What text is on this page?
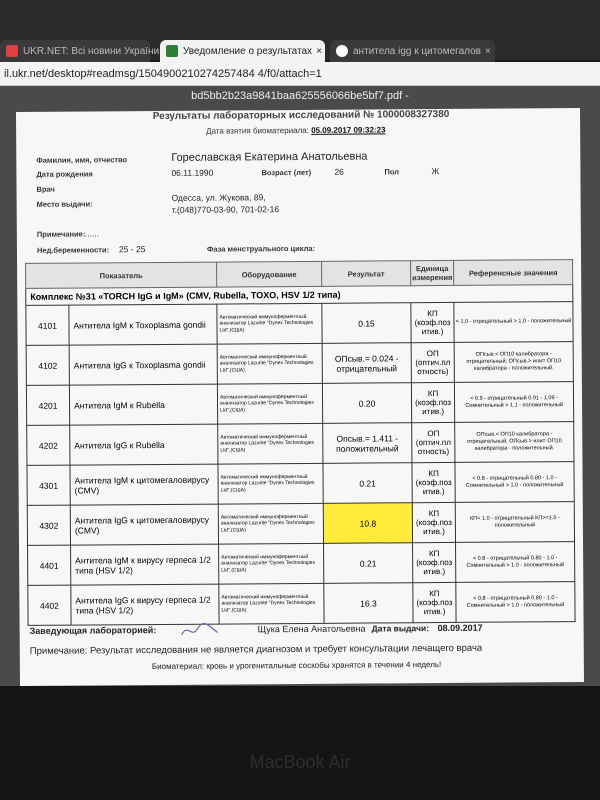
UKR.NET: Всі новини України Уведомление о результатах ×	антитела igg к цитомегалов ×
il.ukr.net/desktop#readmsg/1504900210274257484 4/f0/attach=1
bd5bb2b23a9841baa625556066be5bf7.pdf -
Результаты лабораторных исследований № 1000008327380
Дата взятия биоматериала: 05.09.2017 09:32:23
Фамилия, имя, отчество	Гореславская Екатерина Анатольевна
Дата рождения	06.11.1990	Возраст (лет)	26	Пол	Ж
Врач
Место выдачи:
Одесса, ул. Жукова, 89,
т.(048)770-03-90, 701-02-16
Примечание: ......
Нед.беременности: 25 - 25	Фаза менструального цикла:
Показатель		Оборудование	Результат	Единица измерения	Референсные значения
Комплекс №31 «TORCH IgG и IgM» (CMV, Rubella, TOXO, HSV 1/2 типа)					
4101	Антитела IgM к Toxoplasma gondii	Автоматический иммуноферментный анализатор Lazurite "Dynex Technologies Ltd",(США)	0.15	КП (коэф.поз итив.)	< 1.0 - отрицательный > 1.0 - положительный
4102	Антитела IgG к Toxoplasma gondii	Автоматический иммуноферментный анализатор Lazurite "Dynex Technologies Ltd",(США)	ОПсыв.= 0.024 - отрицательный	ОП (оптич.пл отность)	ОПсыв.< ОП10 калибратора - отрицательный; ОПсыв.> или= ОП10 калибратора - положительный.
4201	Антитела IgM к Rubella	Автоматический иммуноферментный анализатор Lazurite "Dynex Technologies Ltd",(США)	0.20	КП (коэф.поз итив.)	< 0.9 - отрицательный 0.91 - 1.09 - Сомнительный > 1.1 - положительный
4202	Антитела IgG к Rubella	Автоматический иммуноферментный анализатор Lazurite "Dynex Technologies Ltd",(США)	Опсыв.= 1.411 - положительный	ОП (оптич.пл отность)	ОПсыв.< ОП10 калибратора - отрицательный; ОПсыв.> или= ОП10 калибратора - положительный.
4301	Антитела IgM к цитомегаловирусу (CMV)	Автоматический иммуноферментный анализатор Lazurite "Dynex Technologies Ltd",(США)	0.21	КП (коэф.поз итив.)	< 0.8 - отрицательный 0.80 - 1.0 - Сомнительный > 1.0 - положительный
4302	Антитела IgG к цитомегаловирусу (CMV)	Автоматический иммуноферментный анализатор Lazurite "Dynex Technologies Ltd",(США)	10.8	КП (коэф.поз итив.)	КП< 1.0 - отрицательный КП>=1.0 - положительный
4401	Антитела IgM к вирусу герпеса 1/2 типа (HSV 1/2)	Автоматический иммуноферментный анализатор Lazurite "Dynex Technologies Ltd",(США)	0.21	КП (коэф.поз итив.)	< 0.8 - отрицательный 0.80 - 1.0 - Сомнительный > 1.0 - положительный
4402	Антитела IgG к вирусу герпеса 1/2 типа (HSV 1/2)	Автоматический иммуноферментный анализатор Lazurite "Dynex Technologies Ltd",(США)	16.3	КП (коэф.поз итив.)	< 0.8 - отрицательный 0.80 - 1.0 - Сомнительный > 1.0 - положительный
Заведующая лабораторией:	Щука Елена Анатольевна Дата выдачи: 08.09.2017
Примечание: Результат исследования не является диагнозом и требует консультации лечащего врача
Биоматериал: кровь и урогенитальные соскобы хранятся в течении 4 недель!
MacBook Air
